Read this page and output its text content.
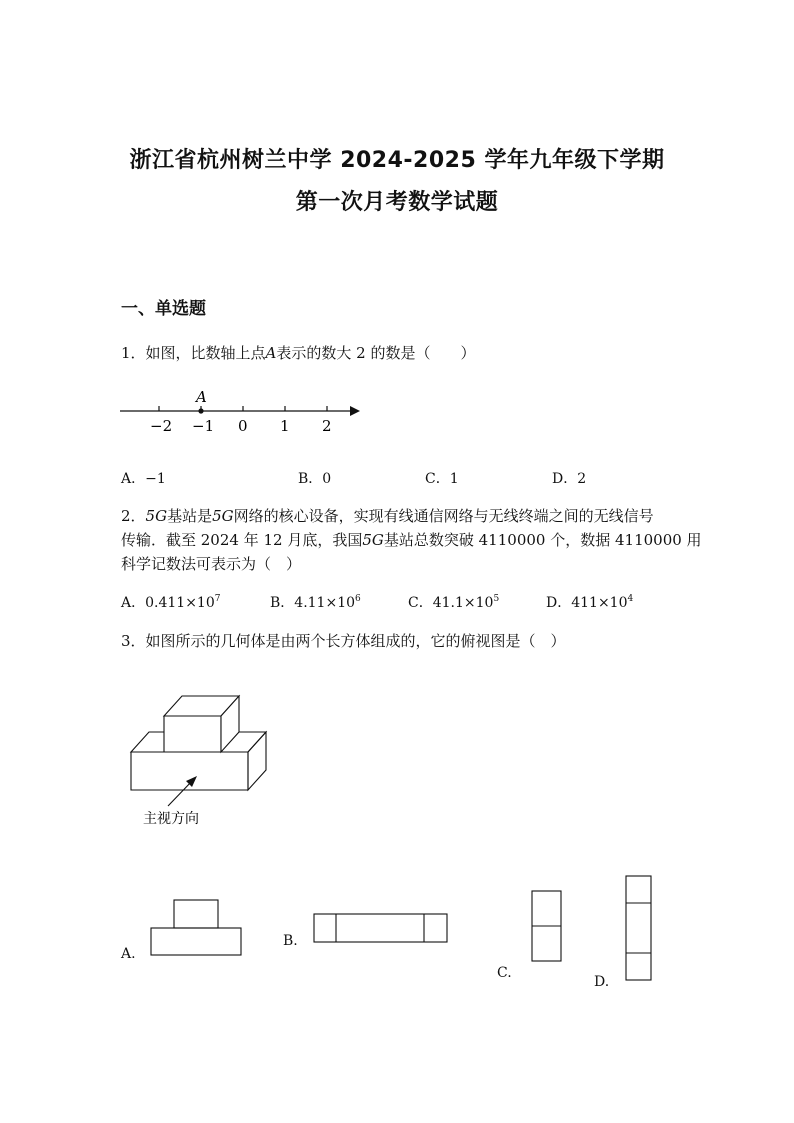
浙江省杭州树兰中学 2024-2025 学年九年级下学期
第一次月考数学试题
一、单选题
1．如图，比数轴上点A表示的数大 2 的数是（　　）
A
−2 −1 0 1 2
主视方向
A．−1	B．0	C．1	D．2
2．5G基站是5G网络的核心设备，实现有线通信网络与无线终端之间的无线信号
传输．截至 2024 年 12 月底，我国5G基站总数突破 4110000 个，数据 4110000 用
科学记数法可表示为（　）
A．$0.411\times 10^7$	B．$4.11\times 10^6$	C．$41.1\times 10^5$	D．$411\times 10^4$
3．如图所示的几何体是由两个长方体组成的，它的俯视图是（　）
A.
B.
C.
D.
